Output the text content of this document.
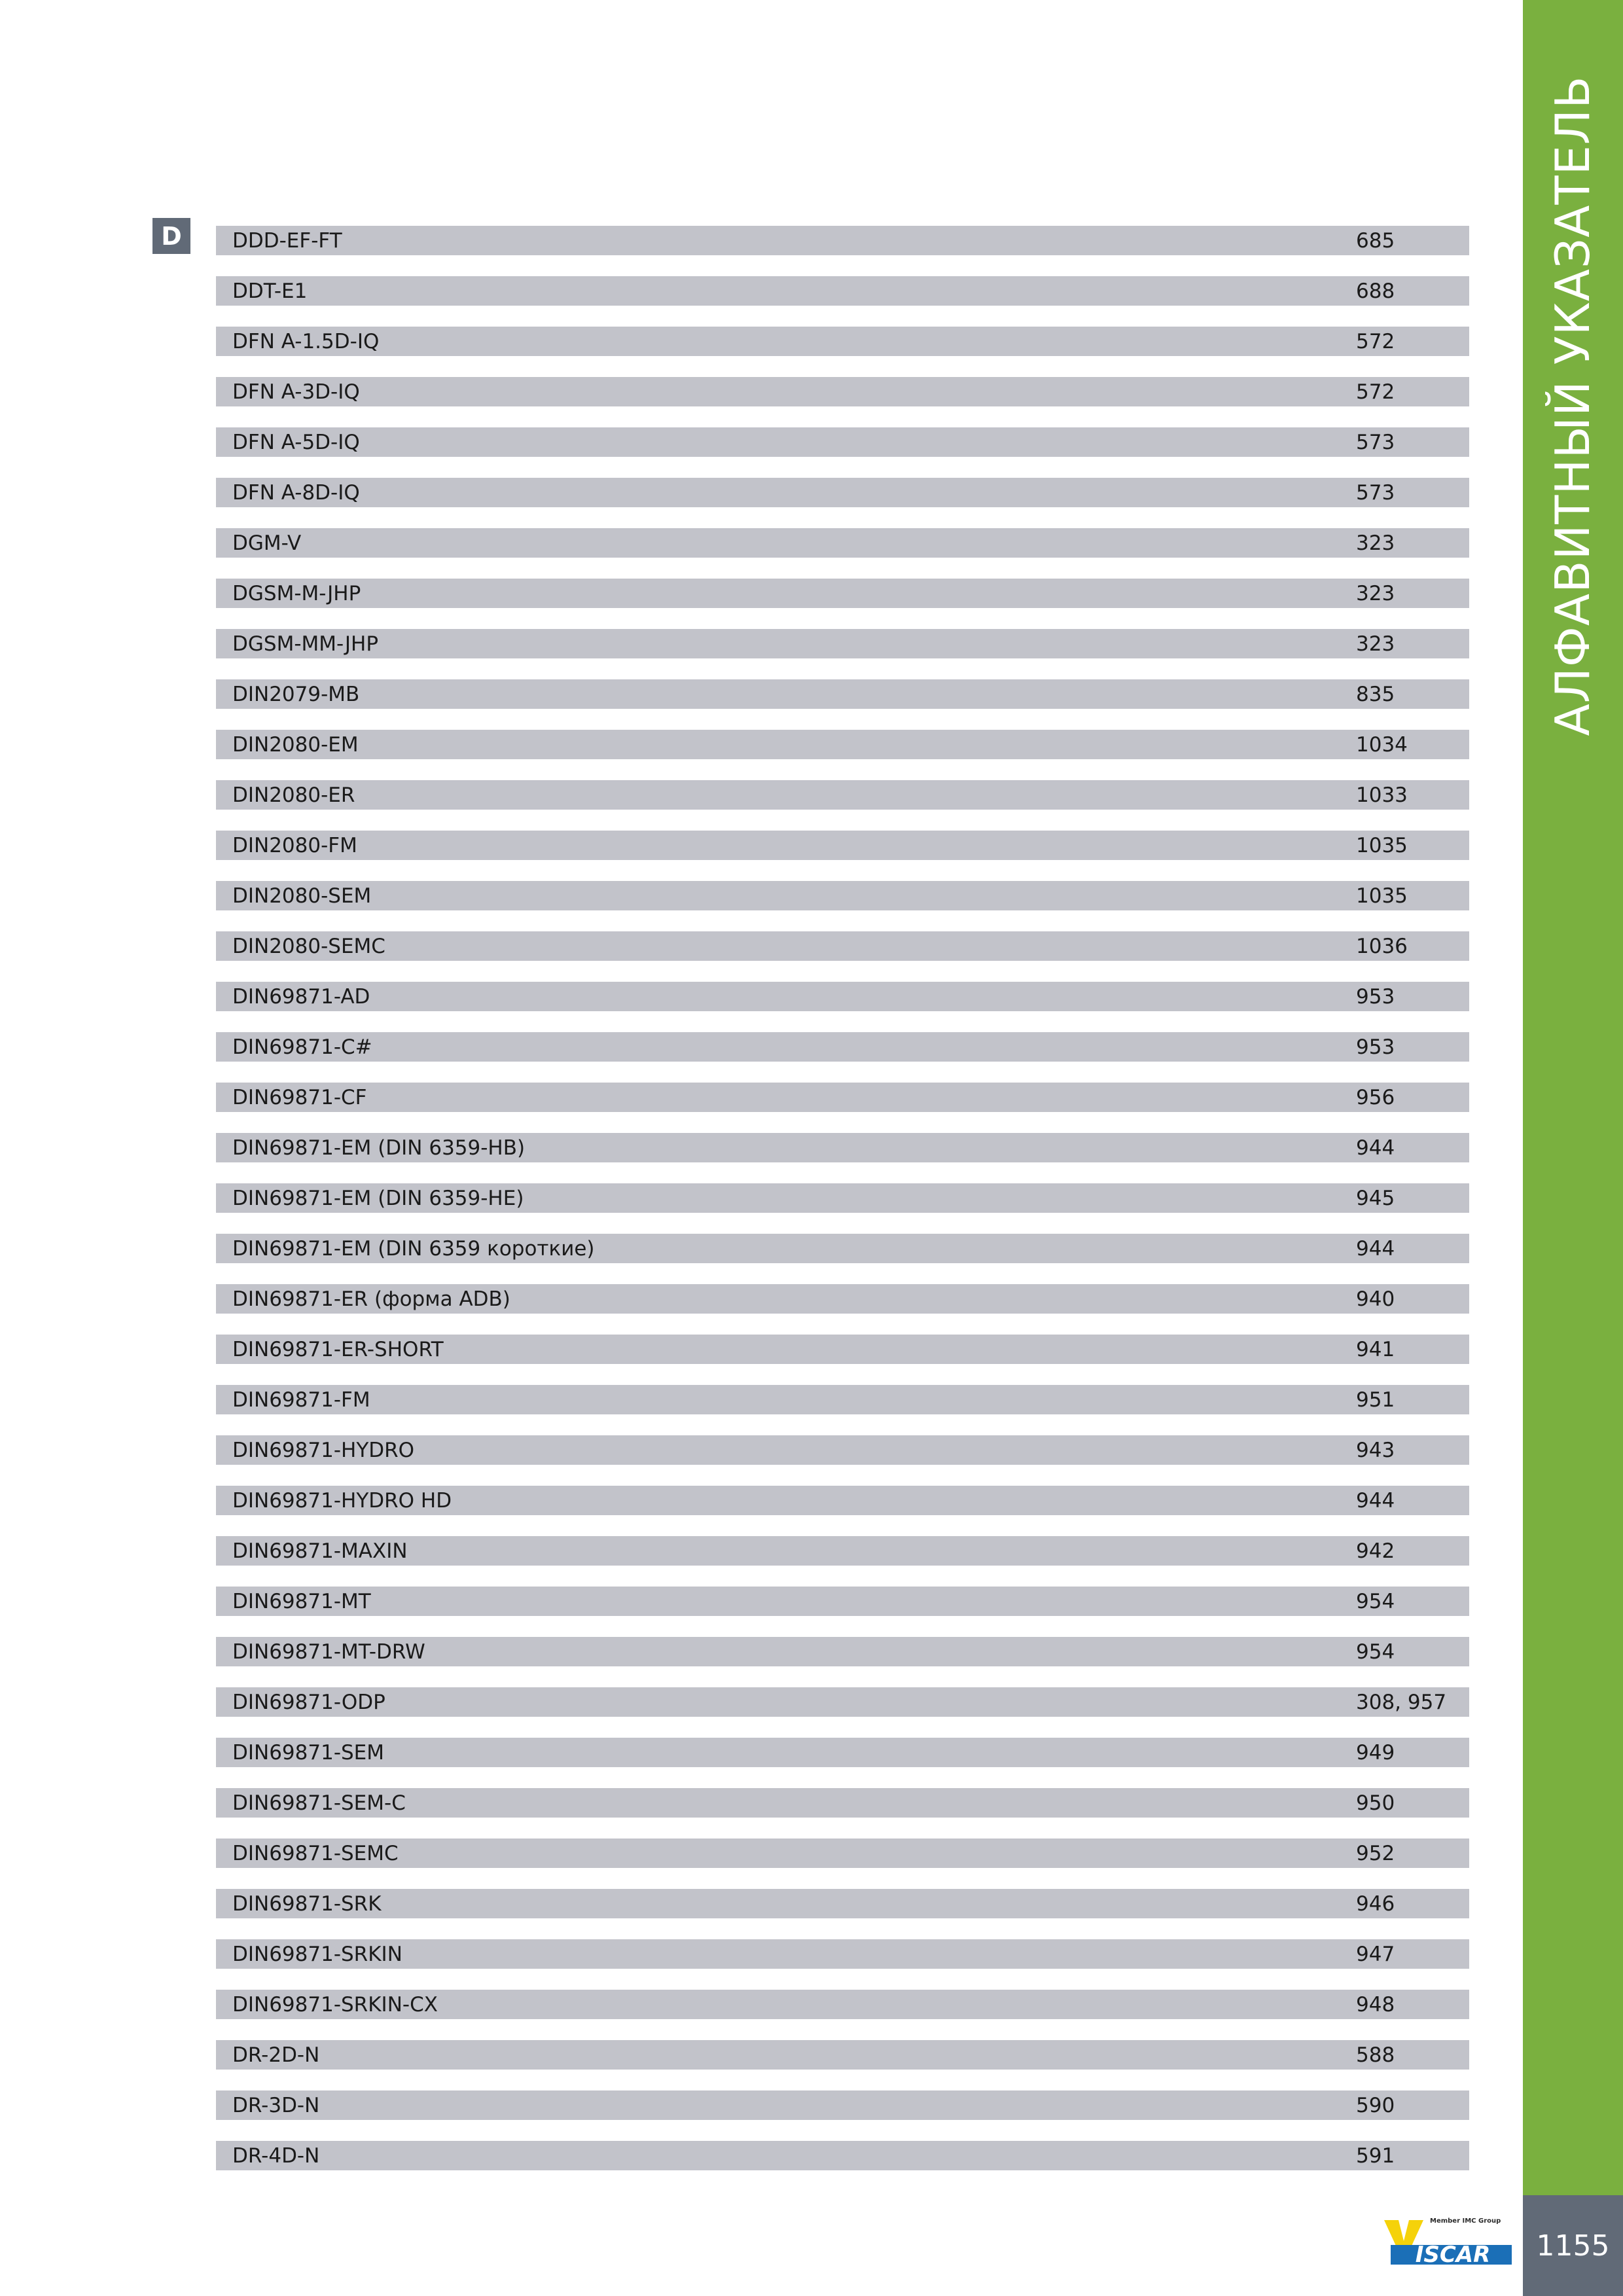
D	DDD-EF-FT	685
DDT-E1	688
DFN A-1.5D-IQ	572
DFN A-3D-IQ	572
DFN A-5D-IQ	573
DFN A-8D-IQ	573
DGM-V	323
DGSM-M-JHP	323
DGSM-MM-JHP	323
DIN2079-MB	835
DIN2080-EM	1034
DIN2080-ER	1033
DIN2080-FM	1035
DIN2080-SEM	1035
DIN2080-SEMC	1036
DIN69871-AD	953
DIN69871-C#	953
DIN69871-CF	956
DIN69871-EM (DIN 6359-HB)	944
DIN69871-EM (DIN 6359-HE)	945
DIN69871-EM (DIN 6359 короткие)	944
DIN69871-ER (форма ADB)	940
DIN69871-ER-SHORT	941
DIN69871-FM	951
DIN69871-HYDRO	943
DIN69871-HYDRO HD	944
DIN69871-MAXIN	942
DIN69871-MT	954
DIN69871-MT-DRW	954
DIN69871-ODP	308, 957
DIN69871-SEM	949
DIN69871-SEM-C	950
DIN69871-SEMC	952
DIN69871-SRK	946
DIN69871-SRKIN	947
DIN69871-SRKIN-CX	948
DR-2D-N	588
DR-3D-N	590
DR-4D-N	591
АЛФАВИТНЫЙ УКАЗАТЕЛЬ
1155
Member IMC Group
ISCAR
